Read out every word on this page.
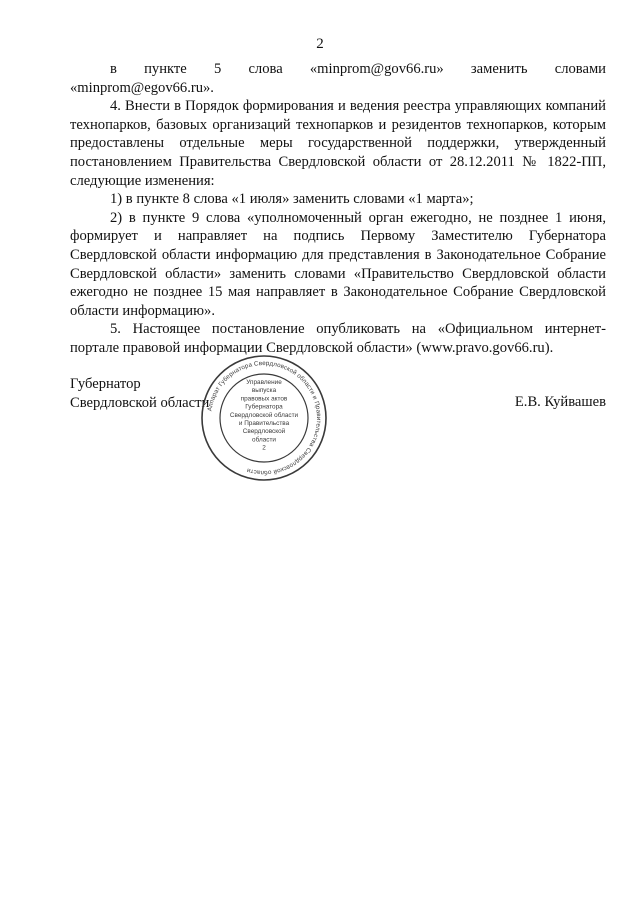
2

в пункте 5 слова «minprom@gov66.ru» заменить словами «minprom@egov66.ru».

4. Внести в Порядок формирования и ведения реестра управляющих компаний технопарков, базовых организаций технопарков и резидентов технопарков, которым предоставлены отдельные меры государственной поддержки, утвержденный постановлением Правительства Свердловской области от 28.12.2011 № 1822-ПП, следующие изменения:

1) в пункте 8 слова «1 июля» заменить словами «1 марта»;

2) в пункте 9 слова «уполномоченный орган ежегодно, не позднее 1 июня, формирует и направляет на подпись Первому Заместителю Губернатора Свердловской области информацию для представления в Законодательное Собрание Свердловской области» заменить словами «Правительство Свердловской области ежегодно не позднее 15 мая направляет в Законодательное Собрание Свердловской области информацию».

5. Настоящее постановление опубликовать на «Официальном интернет-портале правовой информации Свердловской области» (www.pravo.gov66.ru).

Губернатор
Свердловской области	Е.В. Куйвашев
Аппарат Губернатора Свердловской области и Правительства Свердловской области
Управление
выпуска
правовых актов
Губернатора
Свердловской области
и Правительства
Свердловской
области
2
